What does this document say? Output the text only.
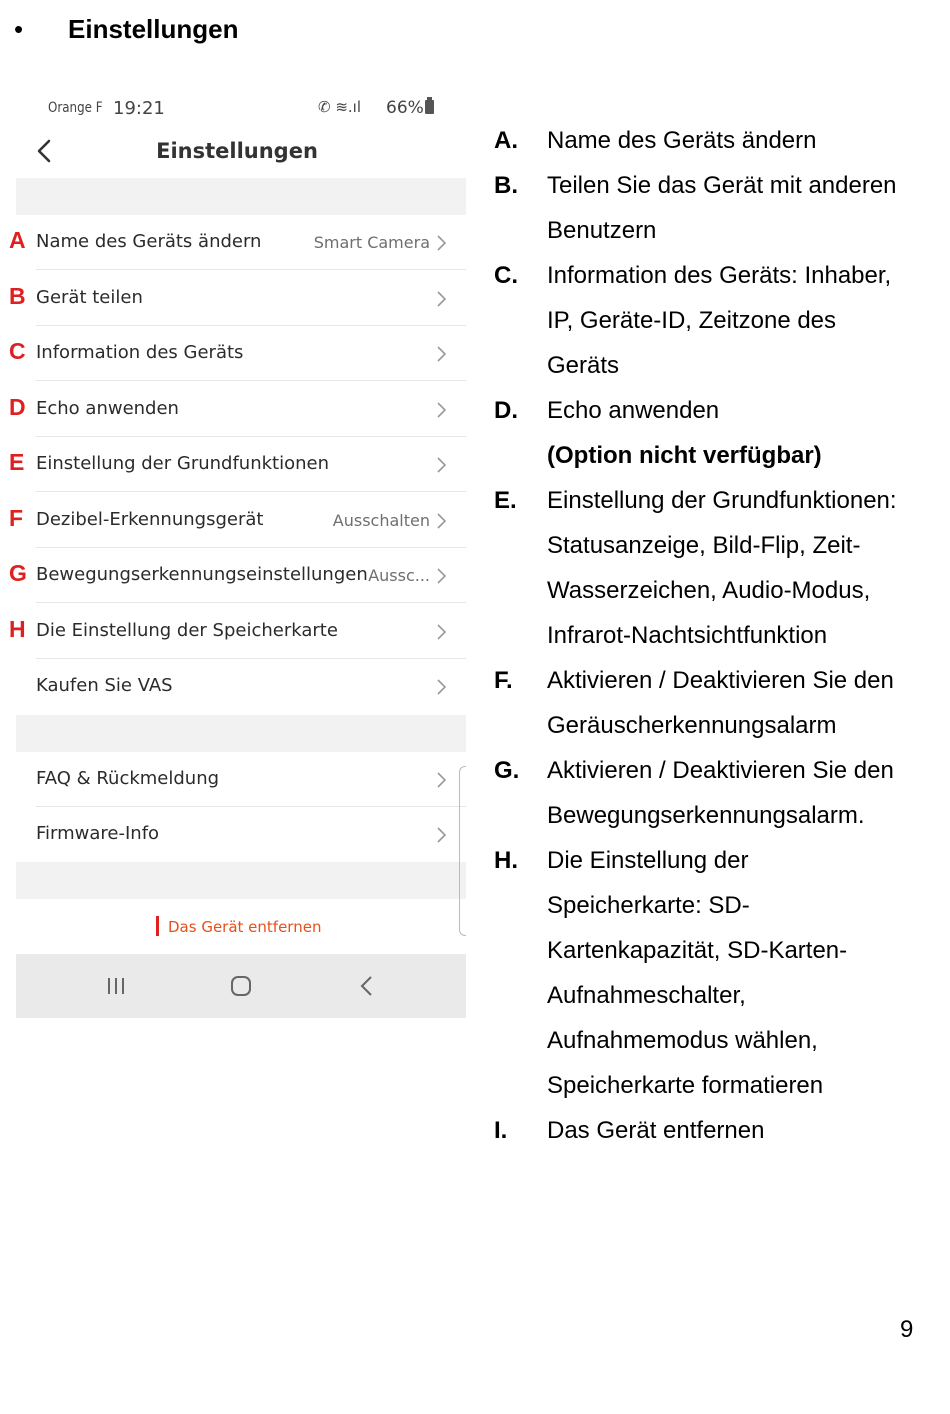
• Einstellungen
Orange F 19:21	✆ ≋.ıl 66%
Einstellungen
A Name des Geräts ändern	Smart Camera
B Gerät teilen
C Information des Geräts
D Echo anwenden
E Einstellung der Grundfunktionen
F Dezibel-Erkennungsgerät	Ausschalten
G Bewegungserkennungseinstellungen Aussc...
H Die Einstellung der Speicherkarte
Kaufen Sie VAS
FAQ & Rückmeldung
Firmware-Info
Das Gerät entfernen
A. Name des Geräts ändern
B. Teilen Sie das Gerät mit anderen
Benutzern
C. Information des Geräts: Inhaber,
IP, Geräte-ID, Zeitzone des
Geräts
D. Echo anwenden
(Option nicht verfügbar)
E. Einstellung der Grundfunktionen:
Statusanzeige, Bild-Flip, Zeit-
Wasserzeichen, Audio-Modus,
Infrarot-Nachtsichtfunktion
F. Aktivieren / Deaktivieren Sie den
Geräuscherkennungsalarm
G. Aktivieren / Deaktivieren Sie den
Bewegungserkennungsalarm.
H. Die Einstellung der
Speicherkarte: SD-
Kartenkapazität, SD-Karten-
Aufnahmeschalter,
Aufnahmemodus wählen,
Speicherkarte formatieren
I. Das Gerät entfernen
9
